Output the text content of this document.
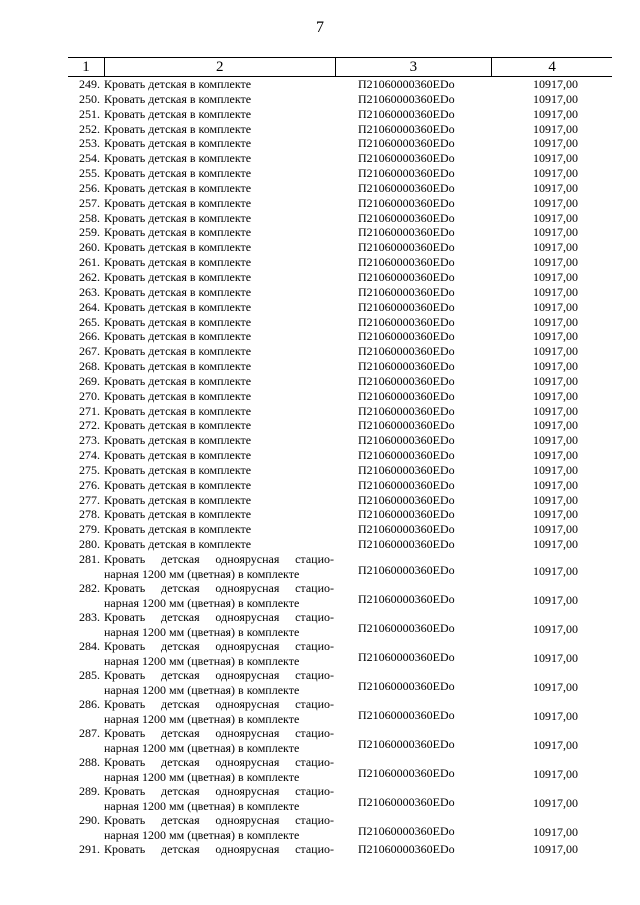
7
1	2	3	4
249. Кровать детская в комплекте	П21060000360EDo	10917,00
250. Кровать детская в комплекте	П21060000360EDo	10917,00
251. Кровать детская в комплекте	П21060000360EDo	10917,00
252. Кровать детская в комплекте	П21060000360EDo	10917,00
253. Кровать детская в комплекте	П21060000360EDo	10917,00
254. Кровать детская в комплекте	П21060000360EDo	10917,00
255. Кровать детская в комплекте	П21060000360EDo	10917,00
256. Кровать детская в комплекте	П21060000360EDo	10917,00
257. Кровать детская в комплекте	П21060000360EDo	10917,00
258. Кровать детская в комплекте	П21060000360EDo	10917,00
259. Кровать детская в комплекте	П21060000360EDo	10917,00
260. Кровать детская в комплекте	П21060000360EDo	10917,00
261. Кровать детская в комплекте	П21060000360EDo	10917,00
262. Кровать детская в комплекте	П21060000360EDo	10917,00
263. Кровать детская в комплекте	П21060000360EDo	10917,00
264. Кровать детская в комплекте	П21060000360EDo	10917,00
265. Кровать детская в комплекте	П21060000360EDo	10917,00
266. Кровать детская в комплекте	П21060000360EDo	10917,00
267. Кровать детская в комплекте	П21060000360EDo	10917,00
268. Кровать детская в комплекте	П21060000360EDo	10917,00
269. Кровать детская в комплекте	П21060000360EDo	10917,00
270. Кровать детская в комплекте	П21060000360EDo	10917,00
271. Кровать детская в комплекте	П21060000360EDo	10917,00
272. Кровать детская в комплекте	П21060000360EDo	10917,00
273. Кровать детская в комплекте	П21060000360EDo	10917,00
274. Кровать детская в комплекте	П21060000360EDo	10917,00
275. Кровать детская в комплекте	П21060000360EDo	10917,00
276. Кровать детская в комплекте	П21060000360EDo	10917,00
277. Кровать детская в комплекте	П21060000360EDo	10917,00
278. Кровать детская в комплекте	П21060000360EDo	10917,00
279. Кровать детская в комплекте	П21060000360EDo	10917,00
280. Кровать детская в комплекте	П21060000360EDo	10917,00
281. Кровать детская одноярусная стацио-
нарная 1200 мм (цветная) в комплекте	П21060000360EDo	10917,00
282. Кровать детская одноярусная стацио-
нарная 1200 мм (цветная) в комплекте	П21060000360EDo	10917,00
283. Кровать детская одноярусная стацио-
нарная 1200 мм (цветная) в комплекте	П21060000360EDo	10917,00
284. Кровать детская одноярусная стацио-
нарная 1200 мм (цветная) в комплекте	П21060000360EDo	10917,00
285. Кровать детская одноярусная стацио-
нарная 1200 мм (цветная) в комплекте	П21060000360EDo	10917,00
286. Кровать детская одноярусная стацио-
нарная 1200 мм (цветная) в комплекте	П21060000360EDo	10917,00
287. Кровать детская одноярусная стацио-
нарная 1200 мм (цветная) в комплекте	П21060000360EDo	10917,00
288. Кровать детская одноярусная стацио-
нарная 1200 мм (цветная) в комплекте	П21060000360EDo	10917,00
289. Кровать детская одноярусная стацио-
нарная 1200 мм (цветная) в комплекте	П21060000360EDo	10917,00
290. Кровать детская одноярусная стацио-
нарная 1200 мм (цветная) в комплекте	П21060000360EDo	10917,00
291. Кровать детская одноярусная стацио-	П21060000360EDo	10917,00
